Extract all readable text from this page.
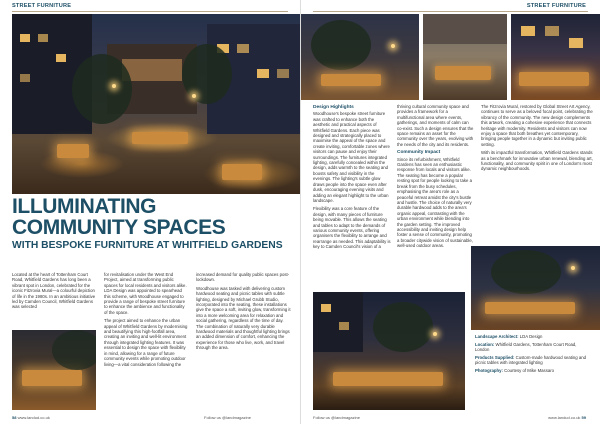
STREET FURNITURE
ILLUMINATING
COMMUNITY SPACES
WITH BESPOKE FURNITURE AT WHITFIELD GARDENS

Located at the heart of Tottenham Court Road, Whitfield Gardens has long been a vibrant spot in London, celebrated for the iconic Fitzrovia Mural—a colourful depiction of life in the 1980s. In an ambitious initiative led by Camden Council, Whitfield Gardens was selected

for revitalisation under the West End Project, aimed at transforming public spaces for local residents and visitors alike. LDA Design was appointed to spearhead this scheme, with Woodhouse engaged to provide a range of bespoke street furniture to enhance the ambience and functionality of the space.

The project aimed to enhance the urban appeal of Whitfield Gardens by modernising and beautifying this high-footfall area, creating an inviting and well-lit environment through integrated lighting features. It was essential to design the space with flexibility in mind, allowing for a range of future community events while promoting outdoor living—a vital consideration following the

increased demand for quality public spaces post-lockdown.

Woodhouse was tasked with delivering custom hardwood seating and picnic tables with subtle lighting, designed by Michael Grubb Studio, incorporated into the seating, these installations give the space a soft, inviting glow, transforming it into a more welcoming area for relaxation and social gathering, regardless of the time of day. The combination of naturally very durable hardwood materials and thoughtful lighting brings an added dimension of comfort, enhancing the experience for those who live, work, and travel through the area.

58 www.landud.co.uk	Follow us @landmagazine
STREET FURNITURE
Design Highlights

Woodhouse's bespoke street furniture was crafted to enhance both the aesthetic and practical aspects of Whitfield Gardens. Each piece was designed and strategically placed to maximise the appeal of the space and create inviting, comfortable zones where visitors can pause and enjoy their surroundings. The furnitures integrated lighting, carefully concealed within the design, adds warmth to the seating and boosts safety and visibility in the evenings. The lighting's subtle glow draws people into the space even after dusk, encouraging evening visits and adding an elegant highlight to the urban landscape.

Flexibility was a core feature of the design, with many pieces of furniture being movable. This allows the seating and tables to adapt to the demands of various community events, offering organisers the flexibility to arrange and rearrange as needed. This adaptability is key to Camden Council's vision of a

thriving cultural community space and provides a framework for a multifunctional area where events, gatherings, and moments of calm can co-exist. Such a design ensures that the space remains an asset for the community over the years, evolving with the needs of the city and its residents.

Community Impact

Since its refurbishment, Whitfield Gardens has seen an enthusiastic response from locals and visitors alike. The seating has become a popular resting spot for people looking to take a break from the busy schedules, emphasising the area's role as a peaceful retreat amidst the city's bustle and hustle. The choice of naturally very durable hardwood adds to the area's organic appeal, contrasting with the urban environment while blending into the garden setting. The improved accessibility and inviting design help foster a sense of community, promoting a broader citywide vision of sustainable, well-used outdoor areas.

The Fitzrovia Mural, restored by Global Street Art Agency, continues to serve as a beloved focal point, celebrating the vibrancy of the community. The new design complements this artwork, creating a cohesive experience that connects heritage with modernity. Residents and visitors can now enjoy a space that both breathes yet contemporary, bringing people together in a dynamic but inviting public setting.

With its impactful transformation, Whitfield Gardens stands as a benchmark for innovative urban renewal, blending art, functionality, and community spirit in one of London's most dynamic neighbourhoods.

Landscape Architect: LDA Design

Location: Whitfield Gardens, Tottenham Court Road, London

Products Supplied: Custom-made hardwood seating and picnic tables with integrated lighting

Photography: Courtesy of Mike Massaro

Follow us @landmagazine	www.landud.co.uk 59
